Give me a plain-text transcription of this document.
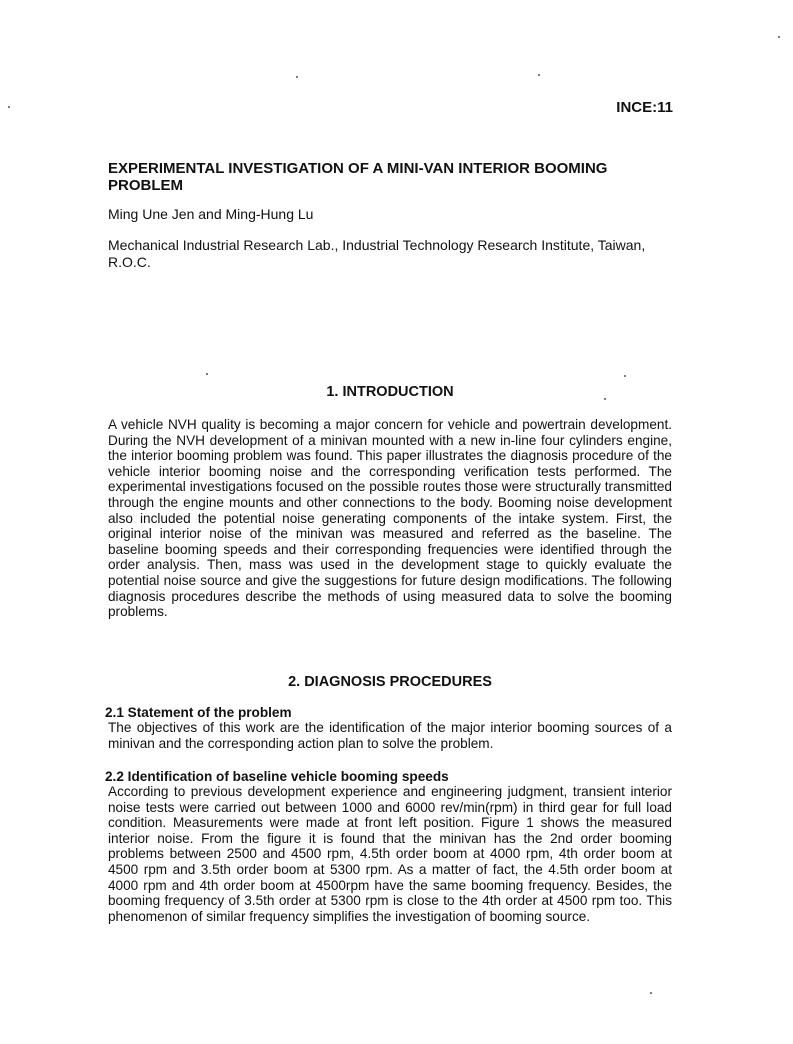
INCE:11
EXPERIMENTAL INVESTIGATION OF A MINI-VAN INTERIOR BOOMING PROBLEM
Ming Une Jen and Ming-Hung Lu
Mechanical Industrial Research Lab., Industrial Technology Research Institute, Taiwan, R.O.C.
1. INTRODUCTION
A vehicle NVH quality is becoming a major concern for vehicle and powertrain development. During the NVH development of a minivan mounted with a new in-line four cylinders engine, the interior booming problem was found. This paper illustrates the diagnosis procedure of the vehicle interior booming noise and the corresponding verification tests performed. The experimental investigations focused on the possible routes those were structurally transmitted through the engine mounts and other connections to the body. Booming noise development also included the potential noise generating components of the intake system. First, the original interior noise of the minivan was measured and referred as the baseline. The baseline booming speeds and their corresponding frequencies were identified through the order analysis. Then, mass was used in the development stage to quickly evaluate the potential noise source and give the suggestions for future design modifications. The following diagnosis procedures describe the methods of using measured data to solve the booming problems.
2. DIAGNOSIS PROCEDURES
2.1 Statement of the problem
The objectives of this work are the identification of the major interior booming sources of a minivan and the corresponding action plan to solve the problem.
2.2 Identification of baseline vehicle booming speeds
According to previous development experience and engineering judgment, transient interior noise tests were carried out between 1000 and 6000 rev/min(rpm) in third gear for full load condition. Measurements were made at front left position. Figure 1 shows the measured interior noise. From the figure it is found that the minivan has the 2nd order booming problems between 2500 and 4500 rpm, 4.5th order boom at 4000 rpm, 4th order boom at 4500 rpm and 3.5th order boom at 5300 rpm. As a matter of fact, the 4.5th order boom at 4000 rpm and 4th order boom at 4500rpm have the same booming frequency. Besides, the booming frequency of 3.5th order at 5300 rpm is close to the 4th order at 4500 rpm too. This phenomenon of similar frequency simplifies the investigation of booming source.
